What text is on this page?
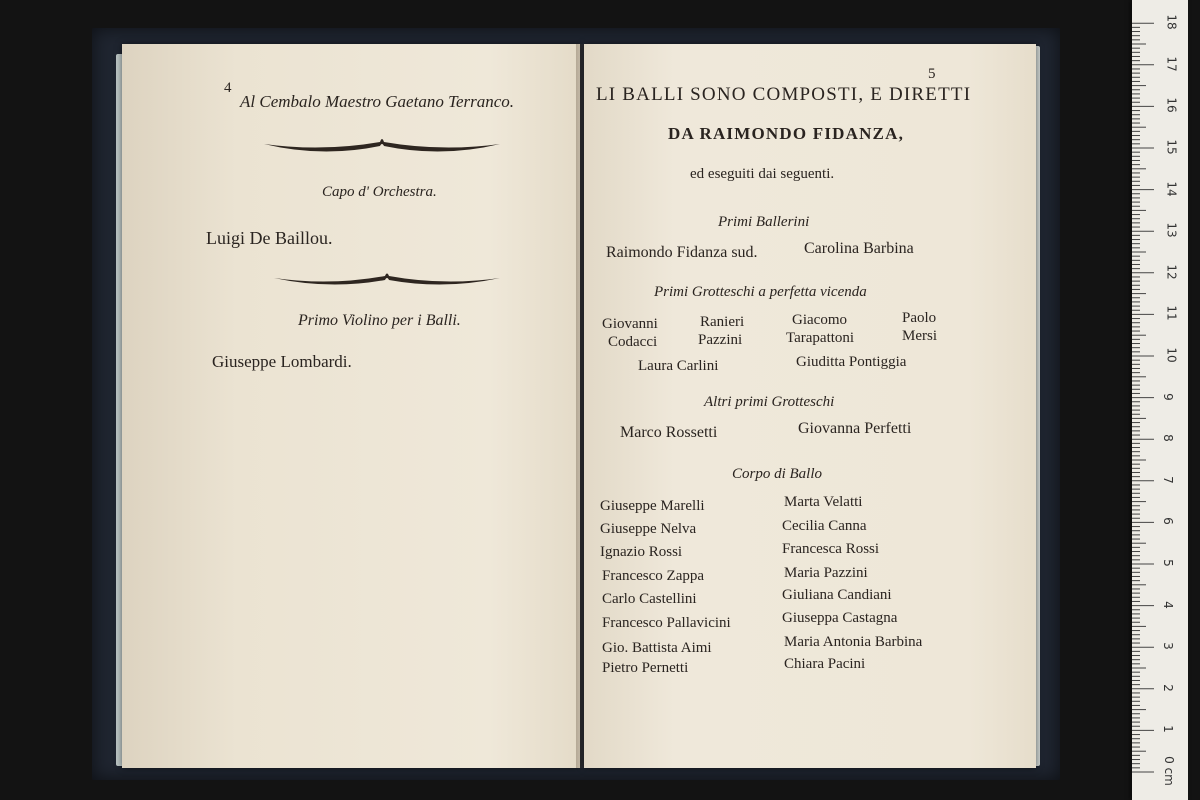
4
Al Cembalo Maestro Gaetano Terranco.
Capo d' Orchestra.
Luigi De Baillou.
Primo Violino per i Balli.
Giuseppe Lombardi.
5
LI BALLI SONO COMPOSTI, E DIRETTI
DA RAIMONDO FIDANZA,
ed eseguiti dai seguenti.
Primi Ballerini
Raimondo Fidanza sud.	Carolina Barbina
Primi Grotteschi a perfetta vicenda
Giovanni	Ranieri	Giacomo	Paolo
Codacci	Pazzini	Tarapattoni	Mersi
Laura Carlini	Giuditta Pontiggia
Altri primi Grotteschi
Marco Rossetti	Giovanna Perfetti
Corpo di Ballo
Giuseppe Marelli
Giuseppe Nelva
Ignazio Rossi
Francesco Zappa
Carlo Castellini
Francesco Pallavicini
Gio. Battista Aimi
Pietro Pernetti
Marta Velatti
Cecilia Canna
Francesca Rossi
Maria Pazzini
Giuliana Candiani
Giuseppa Castagna
Maria Antonia Barbina
Chiara Pacini
0 cm
1
2
3
4
5
6
7
8
9
10
11
12
13
14
15
16
17
18
